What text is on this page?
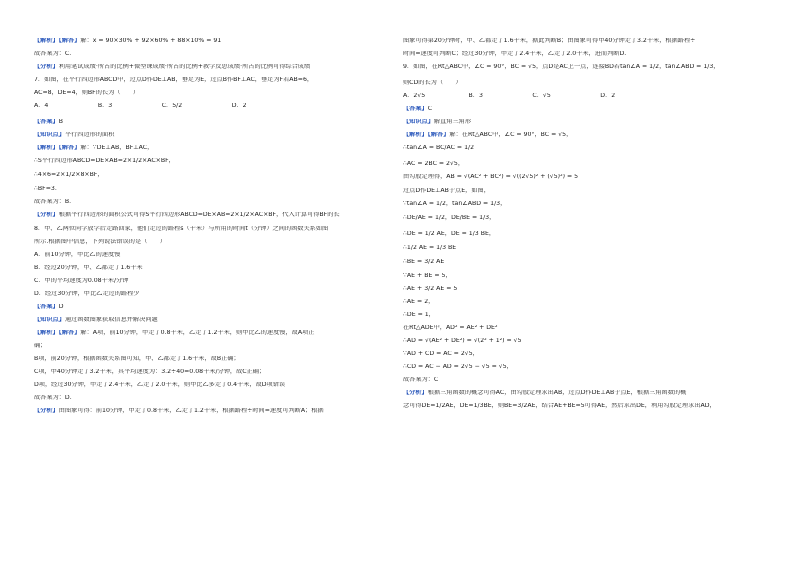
【解析】【解答】解：x = 90×30% + 92×60% + 88×10% = 91
故答案为：C.
【分析】利用笔试成绩·所占的比例+微型课成绩·所占的比例+教学反思成绩·所占的比例可得综合成绩
7．如图，在平行四边形ABCD中，过点D作DE⊥AB，垂足为E，过点B作BF⊥AC，垂足为F若AB=6，
AC=8，DE=4，则BF的长为（　　）
A．4　　　　　　　　B．3　　　　　　　　C．5/2　　　　　　　　D．2
【答案】B
【知识点】平行四边形的面积
【解析】【解答】解：∵DE⊥AB，BF⊥AC，
∴S平行四边形ABCD=DE×AB=2×1/2×AC×BF，
∴4×6=2×1/2×8×BF，
∴BF=3.
故答案为：B.
【分析】根据平行四边形的面积公式可得S平行四边形ABCD=DE×AB=2×1/2×AC×BF，代入计算可得BF的长
8．甲、乙两位同学放学后走路回家，他们走过的路程s（千米）与所用的时间t（分钟）之间的函数关系如图
所示.根据图中信息，下列说法错误的是（　　）
A．前10分钟，甲比乙的速度慢
B．经过20分钟，甲、乙都走了1.6千米
C．甲的平均速度为0.08千米/分钟
D．经过30分钟，甲比乙走过的路程少
【答案】D
【知识点】通过函数图象获取信息并解决问题
【解析】【解答】解：A项，前10分钟，甲走了0.8千米，乙走了1.2千米，则甲比乙的速度慢，故A项正
确；
B项，前20分钟，根据函数关系图可知，甲、乙都走了1.6千米，故B正确；
C项，甲40分钟走了3.2千米，其平均速度为：3.2÷40=0.08千米/分钟，故C正确；
D项，经过30分钟，甲走了2.4千米，乙走了2.0千米，则甲比乙多走了0.4千米，故D项错误
故答案为：D.
【分析】由图象可得：前10分钟，甲走了0.8千米，乙走了1.2千米，根据路程÷时间=速度可判断A；根据
图象可得第20分钟时，甲、乙都走了1.6千米，据此判断B；由图象可得甲40分钟走了3.2千米，根据路程÷
时间=速度可判断C；经过30分钟，甲走了2.4千米，乙走了2.0千米，进而判断D.
9．如图，在Rt△ABC中，∠C = 90°，BC = √5，点D是AC上一点，连接BD若tan∠A = 1/2，tan∠ABD = 1/3，
则CD的长为（　　）
A．2√5　　　　　　　B．3　　　　　　　　C．√5　　　　　　　　D．2
【答案】C
【知识点】解直角三角形
【解析】【解答】解：在Rt△ABC中，∠C = 90°，BC = √5，
∴tan∠A = BC/AC = 1/2
∴AC = 2BC = 2√5，
由勾股定理得，AB = √(AC² + BC²) = √((2√5)² + (√5)²) = 5
过点D作DE⊥AB于点E，如图，
∵tan∠A = 1/2，tan∠ABD = 1/3，
∴DE/AE = 1/2，DE/BE = 1/3，
∴DE = 1/2 AE，DE = 1/3 BE，
∴1/2 AE = 1/3 BE
∴BE = 3/2 AE
∵AE + BE = 5，
∴AE + 3/2 AE = 5
∴AE = 2，
∴DE = 1，
在Rt△ADE中，AD² = AE² + DE²
∴AD = √(AE² + DE²) = √(2² + 1²) = √5
∵AD + CD = AC = 2√5，
∴CD = AC − AD = 2√5 − √5 = √5，
故答案为：C
【分析】根据三角函数的概念可得AC，由勾股定理求出AB，过点D作DE⊥AB于点E，根据三角函数的概
念可得DE=1/2AE，DE=1/3BE，则BE=3/2AE，结合AE+BE=5可得AE，然后求出DE，利用勾股定理求出AD，
